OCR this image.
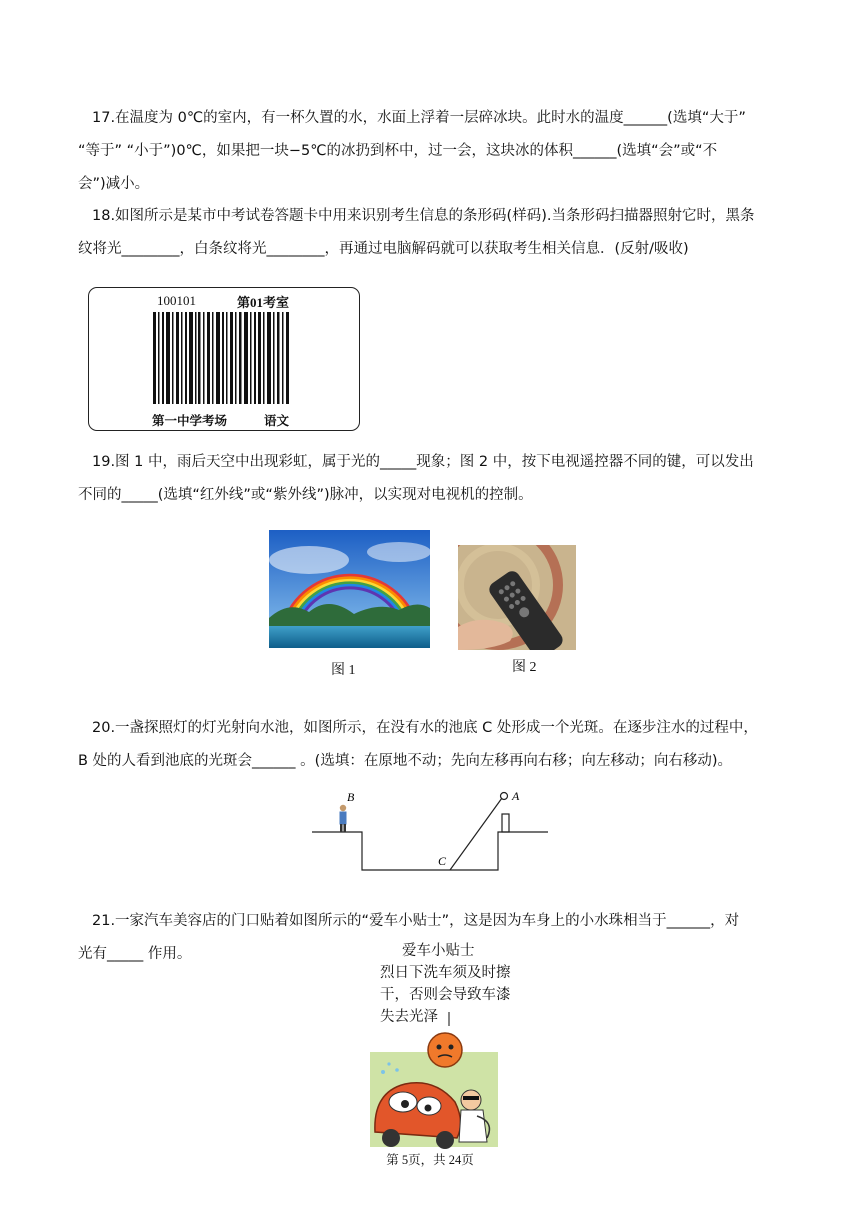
17.在温度为 0℃的室内，有一杯久置的水，水面上浮着一层碎冰块。此时水的温度______(选填“大于”
“等于” “小于”)0℃，如果把一块−5℃的冰扔到杯中，过一会，这块冰的体积______(选填“会”或“不
会”)减小。

18.如图所示是某市中考试卷答题卡中用来识别考生信息的条形码(样码).当条形码扫描器照射它时，黑条
纹将光________，白条纹将光________，再通过电脑解码就可以获取考生相关信息．(反射/吸收)

100101	第01考室
第一中学考场	语文

19.图 1 中，雨后天空中出现彩虹，属于光的_____现象；图 2 中，按下电视遥控器不同的键，可以发出
不同的_____(选填“红外线”或“紫外线”)脉冲，以实现对电视机的控制。

图 1	图 2

20.一盏探照灯的灯光射向水池，如图所示，在没有水的池底 C 处形成一个光斑。在逐步注水的过程中，
B 处的人看到池底的光斑会______ 。(选填：在原地不动；先向左移再向右移；向左移动；向右移动)。

B	A
C

21.一家汽车美容店的门口贴着如图所示的“爱车小贴士”，这是因为车身上的小水珠相当于______，对
光有_____ 作用。	爱车小贴士
烈日下洗车须及时擦
干，否则会导致车漆
失去光泽
第 5页，共 24页
